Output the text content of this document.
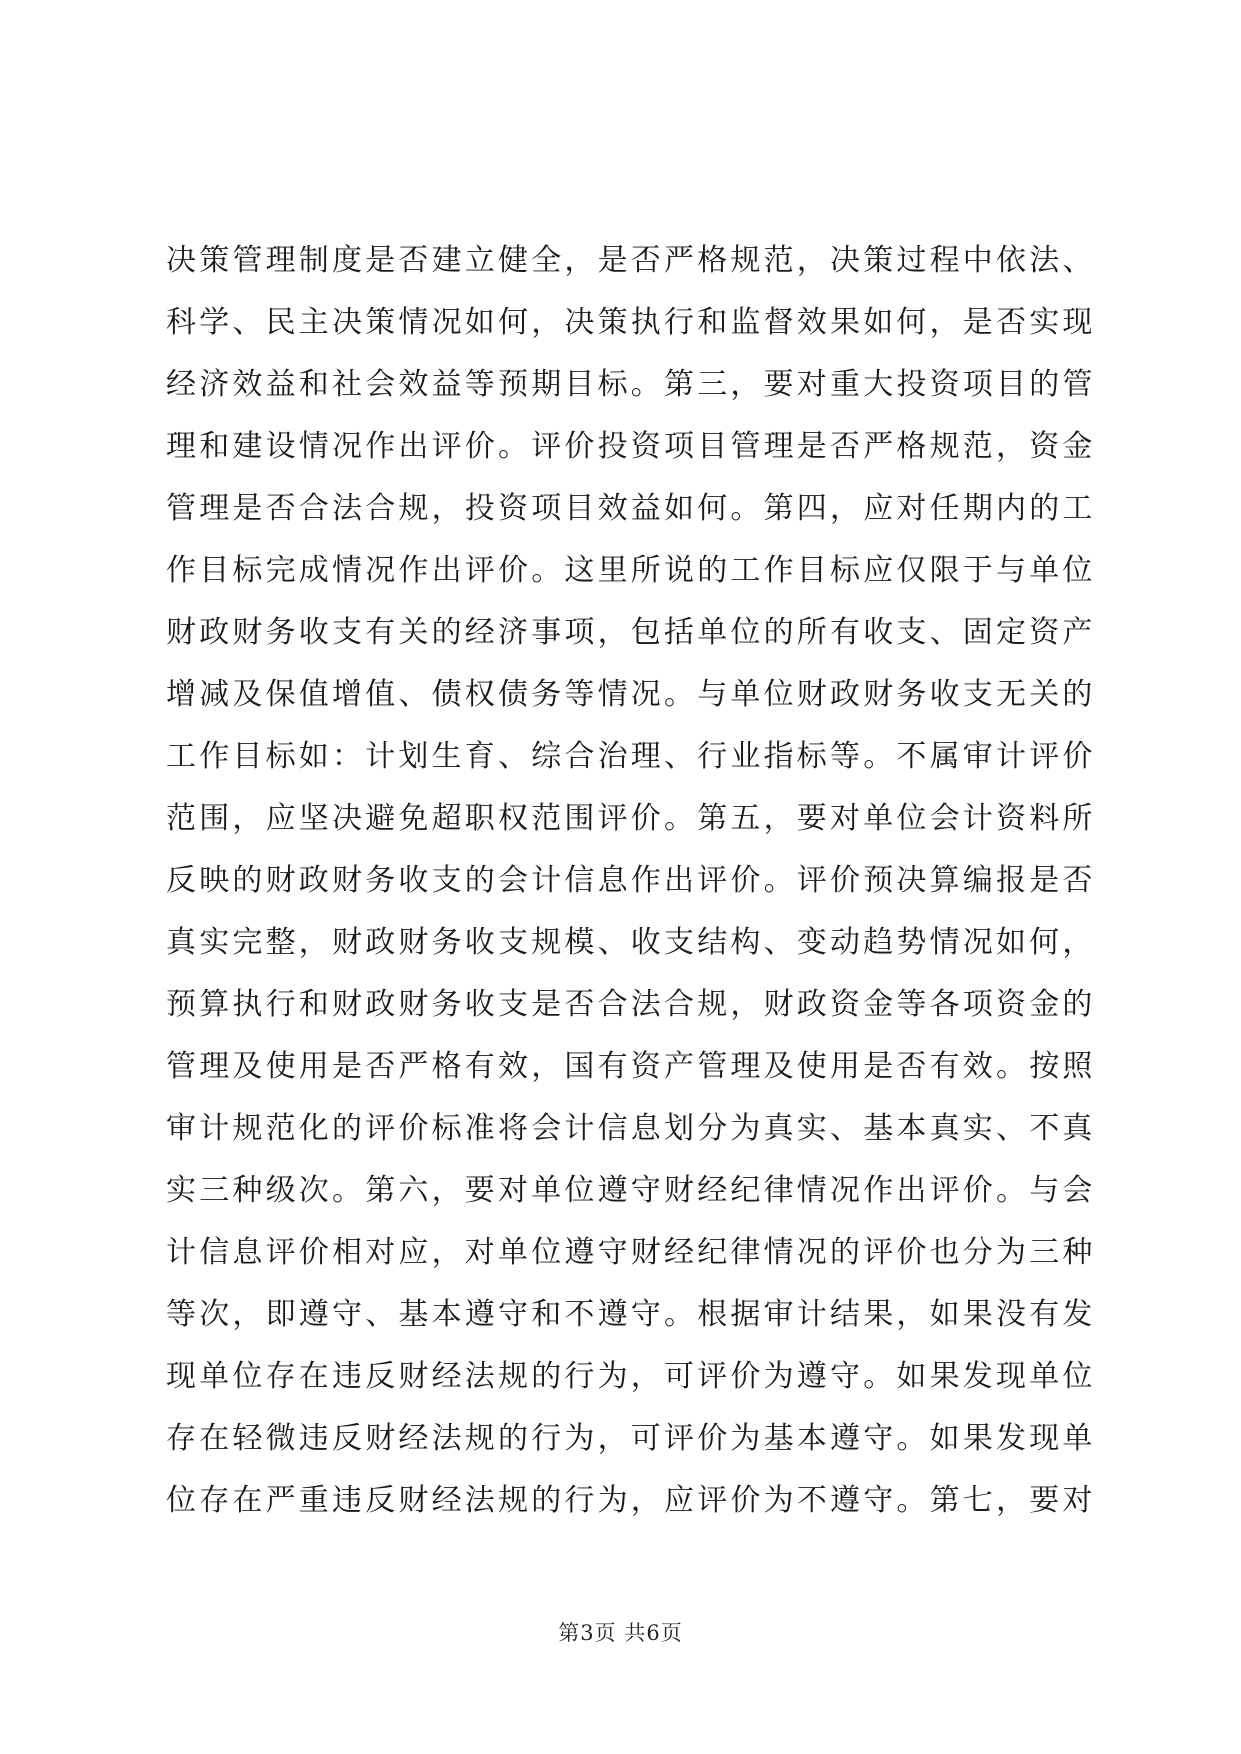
决策管理制度是否建立健全，是否严格规范，决策过程中依法、
科学、民主决策情况如何，决策执行和监督效果如何，是否实现
经济效益和社会效益等预期目标。第三，要对重大投资项目的管
理和建设情况作出评价。评价投资项目管理是否严格规范，资金
管理是否合法合规，投资项目效益如何。第四，应对任期内的工
作目标完成情况作出评价。这里所说的工作目标应仅限于与单位
财政财务收支有关的经济事项，包括单位的所有收支、固定资产
增减及保值增值、债权债务等情况。与单位财政财务收支无关的
工作目标如：计划生育、综合治理、行业指标等。不属审计评价
范围，应坚决避免超职权范围评价。第五，要对单位会计资料所
反映的财政财务收支的会计信息作出评价。评价预决算编报是否
真实完整，财政财务收支规模、收支结构、变动趋势情况如何，
预算执行和财政财务收支是否合法合规，财政资金等各项资金的
管理及使用是否严格有效，国有资产管理及使用是否有效。按照
审计规范化的评价标准将会计信息划分为真实、基本真实、不真
实三种级次。第六，要对单位遵守财经纪律情况作出评价。与会
计信息评价相对应，对单位遵守财经纪律情况的评价也分为三种
等次，即遵守、基本遵守和不遵守。根据审计结果，如果没有发
现单位存在违反财经法规的行为，可评价为遵守。如果发现单位
存在轻微违反财经法规的行为，可评价为基本遵守。如果发现单
位存在严重违反财经法规的行为，应评价为不遵守。第七，要对
第3页 共6页
